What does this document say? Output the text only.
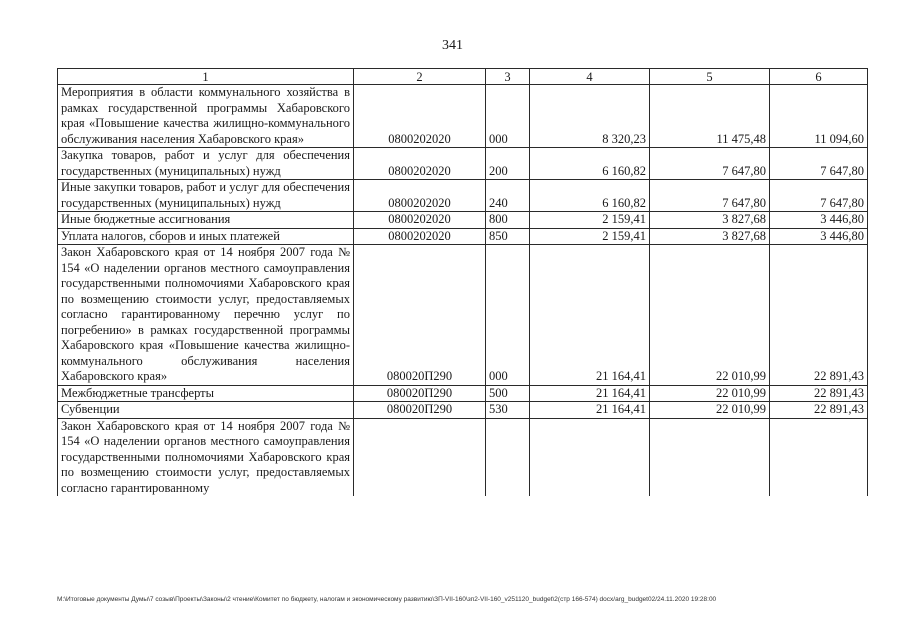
341
1	2	3	4	5	6
Мероприятия в области коммунального хозяйства в рамках государственной программы Хабаровского края «Повышение качества жилищно-коммунального обслуживания населения Хабаровского края»	0800202020	000	8 320,23	11 475,48	11 094,60
Закупка товаров, работ и услуг для обеспечения государственных (муниципальных) нужд	0800202020	200	6 160,82	7 647,80	7 647,80
Иные закупки товаров, работ и услуг для обеспечения государственных (муниципальных) нужд	0800202020	240	6 160,82	7 647,80	7 647,80
Иные бюджетные ассигнования	0800202020	800	2 159,41	3 827,68	3 446,80
Уплата налогов, сборов и иных платежей	0800202020	850	2 159,41	3 827,68	3 446,80
Закон Хабаровского края от 14 ноября 2007 года № 154 «О наделении органов местного самоуправления государственными полномочиями Хабаровского края по возмещению стоимости услуг, предоставляемых согласно гарантированному перечню услуг по погребению» в рамках государственной программы Хабаровского края «Повышение качества жилищно-коммунального обслуживания населения Хабаровского края»	080020П290	000	21 164,41	22 010,99	22 891,43
Межбюджетные трансферты	080020П290	500	21 164,41	22 010,99	22 891,43
Субвенции	080020П290	530	21 164,41	22 010,99	22 891,43
Закон Хабаровского края от 14 ноября 2007 года № 154 «О наделении органов местного самоуправления государственными полномочиями Хабаровского края по возмещению стоимости услуг, предоставляемых согласно гарантированному					
М:\Итоговые документы Думы\7 созыв\Проекты\Законы\2 чтение\Комитет по бюджету, налогам и экономическому развитию\ЗП-VII-160\зп2-VII-160_v251120_budget\2(стр 166-574) docx/arg_budget02/24.11.2020 19:28:00
